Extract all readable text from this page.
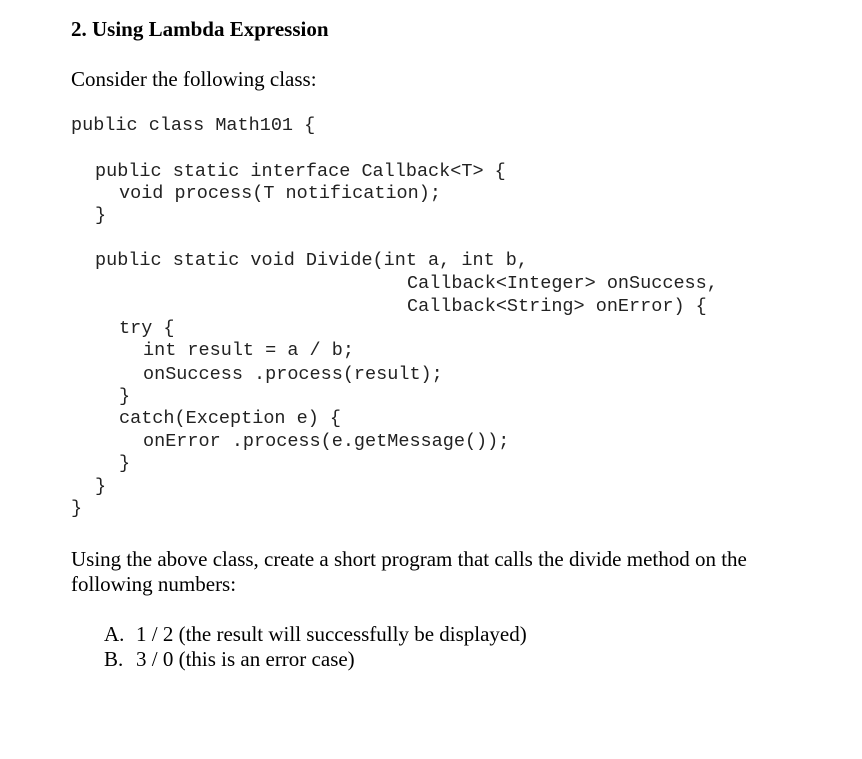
2. Using Lambda Expression
Consider the following class:
public class Math101 {
public static interface Callback<T> {
void process(T notification);
}
public static void Divide(int a, int b,
Callback<Integer> onSuccess,
Callback<String> onError) {
try {
int result = a / b;
onSuccess .process(result);
}
catch(Exception e) {
onError .process(e.getMessage());
}
}
}
Using the above class, create a short program that calls the divide method on the following numbers:
A. 1 / 2 (the result will successfully be displayed)
B. 3 / 0 (this is an error case)
